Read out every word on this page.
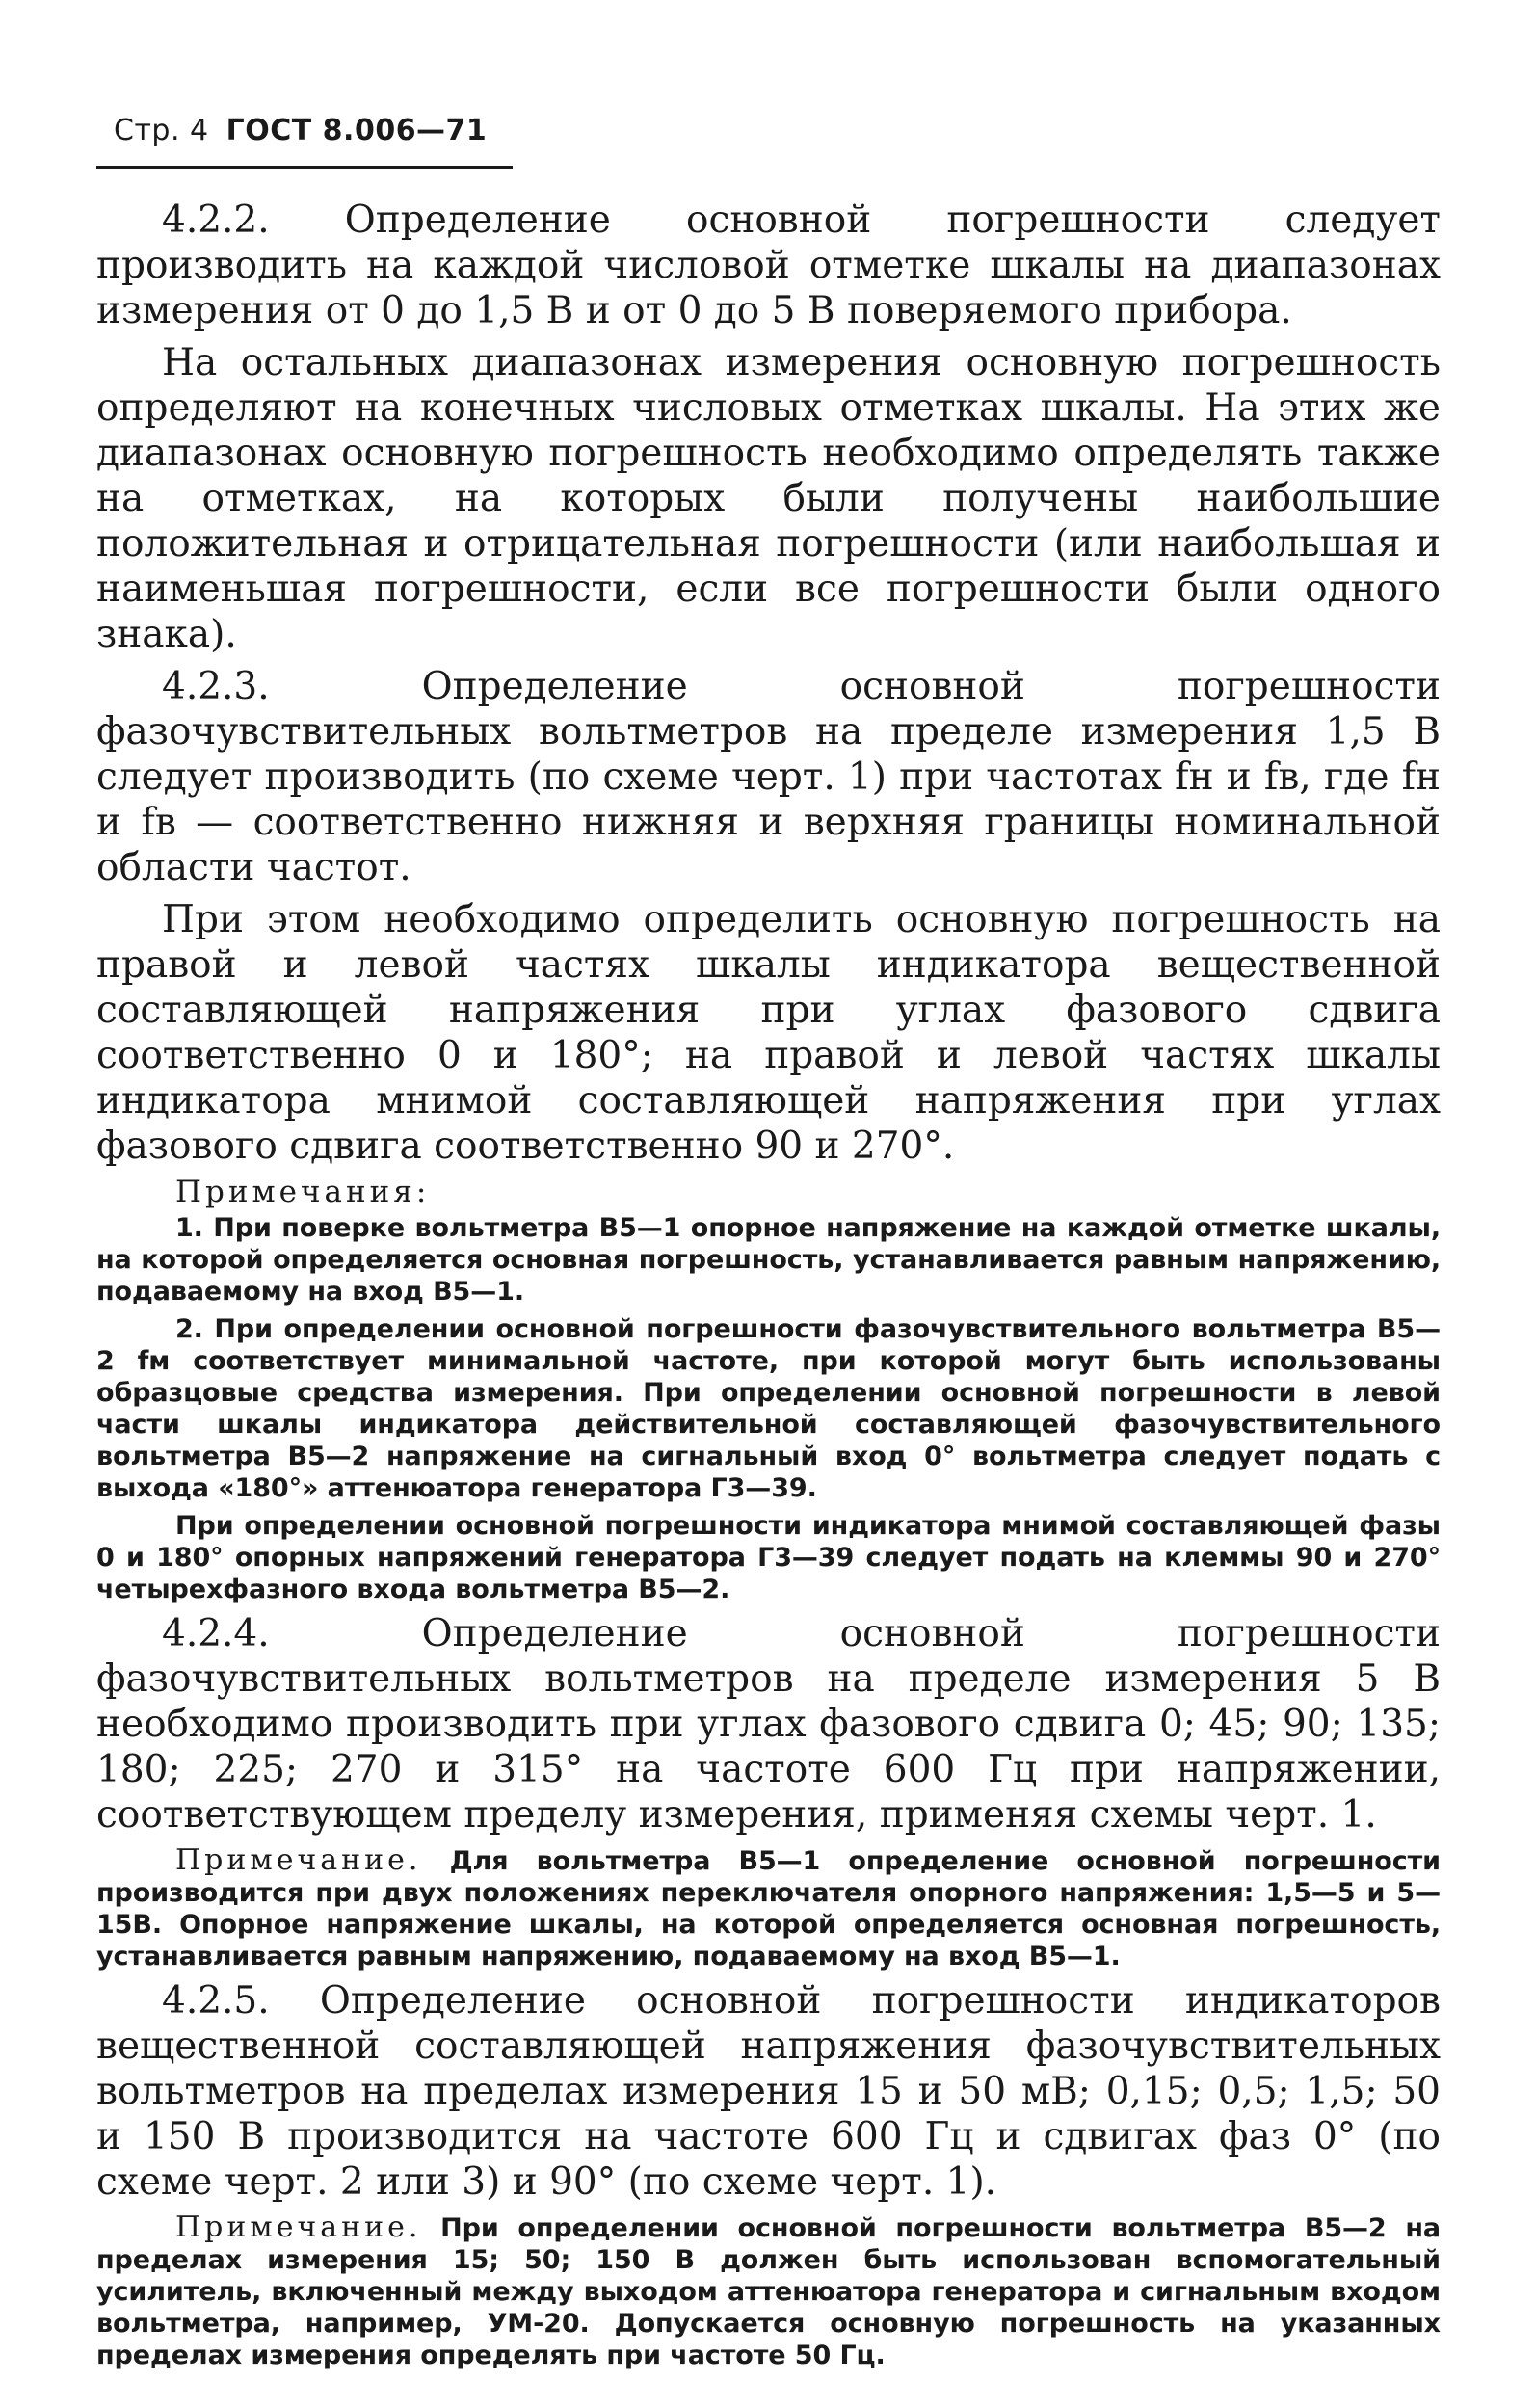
Стр. 4 ГОСТ 8.006—71

4.2.2. Определение основной погрешности следует производить на каждой числовой отметке шкалы на диапазонах измерения от 0 до 1,5 В и от 0 до 5 В поверяемого прибора.

На остальных диапазонах измерения основную погрешность определяют на конечных числовых отметках шкалы. На этих же диапазонах основную погрешность необходимо определять также на отметках, на которых были получены наибольшие положительная и отрицательная погрешности (или наибольшая и наименьшая погрешности, если все погрешности были одного знака).

4.2.3. Определение основной погрешности фазочувствительных вольтметров на пределе измерения 1,5 В следует производить (по схеме черт. 1) при частотах fн и fв, где fн и fв — соответственно нижняя и верхняя границы номинальной области частот.

При этом необходимо определить основную погрешность на правой и левой частях шкалы индикатора вещественной составляющей напряжения при углах фазового сдвига соответственно 0 и 180°; на правой и левой частях шкалы индикатора мнимой составляющей напряжения при углах фазового сдвига соответственно 90 и 270°.

Примечания:

1. При поверке вольтметра В5—1 опорное напряжение на каждой отметке шкалы, на которой определяется основная погрешность, устанавливается равным напряжению, подаваемому на вход В5—1.

2. При определении основной погрешности фазочувствительного вольтметра В5—2 fм соответствует минимальной частоте, при которой могут быть использованы образцовые средства измерения. При определении основной погрешности в левой части шкалы индикатора действительной составляющей фазочувствительного вольтметра В5—2 напряжение на сигнальный вход 0° вольтметра следует подать с выхода «180°» аттенюатора генератора Г3—39.

При определении основной погрешности индикатора мнимой составляющей фазы 0 и 180° опорных напряжений генератора Г3—39 следует подать на клеммы 90 и 270° четырехфазного входа вольтметра В5—2.

4.2.4. Определение основной погрешности фазочувствительных вольтметров на пределе измерения 5 В необходимо производить при углах фазового сдвига 0; 45; 90; 135; 180; 225; 270 и 315° на частоте 600 Гц при напряжении, соответствующем пределу измерения, применяя схемы черт. 1.

Примечание. Для вольтметра В5—1 определение основной погрешности производится при двух положениях переключателя опорного напряжения: 1,5—5 и 5—15В. Опорное напряжение шкалы, на которой определяется основная погрешность, устанавливается равным напряжению, подаваемому на вход В5—1.

4.2.5. Определение основной погрешности индикаторов вещественной составляющей напряжения фазочувствительных вольтметров на пределах измерения 15 и 50 мВ; 0,15; 0,5; 1,5; 50 и 150 В производится на частоте 600 Гц и сдвигах фаз 0° (по схеме черт. 2 или 3) и 90° (по схеме черт. 1).

Примечание. При определении основной погрешности вольтметра В5—2 на пределах измерения 15; 50; 150 В должен быть использован вспомогательный усилитель, включенный между выходом аттенюатора генератора и сигнальным входом вольтметра, например, УМ-20. Допускается основную погрешность на указанных пределах измерения определять при частоте 50 Гц.
